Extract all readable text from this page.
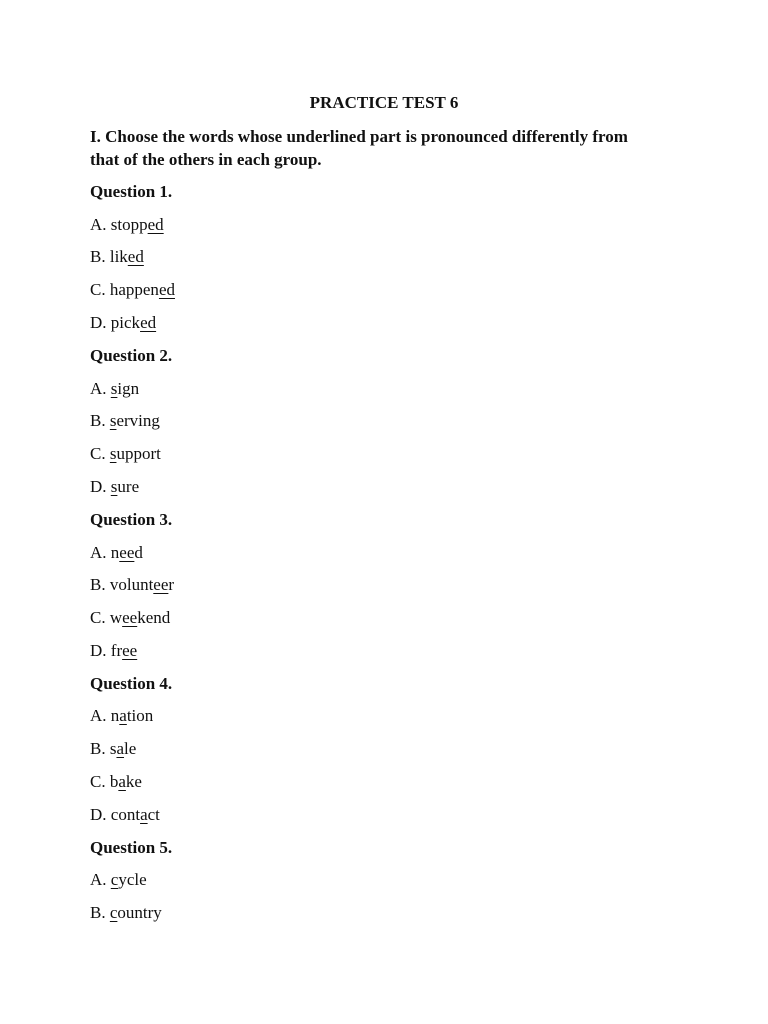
PRACTICE TEST 6
I. Choose the words whose underlined part is pronounced differently from
that of the others in each group.
Question 1.
A. stopped
B. liked
C. happened
D. picked
Question 2.
A. sign
B. serving
C. support
D. sure
Question 3.
A. need
B. volunteer
C. weekend
D. free
Question 4.
A. nation
B. sale
C. bake
D. contact
Question 5.
A. cycle
B. country
